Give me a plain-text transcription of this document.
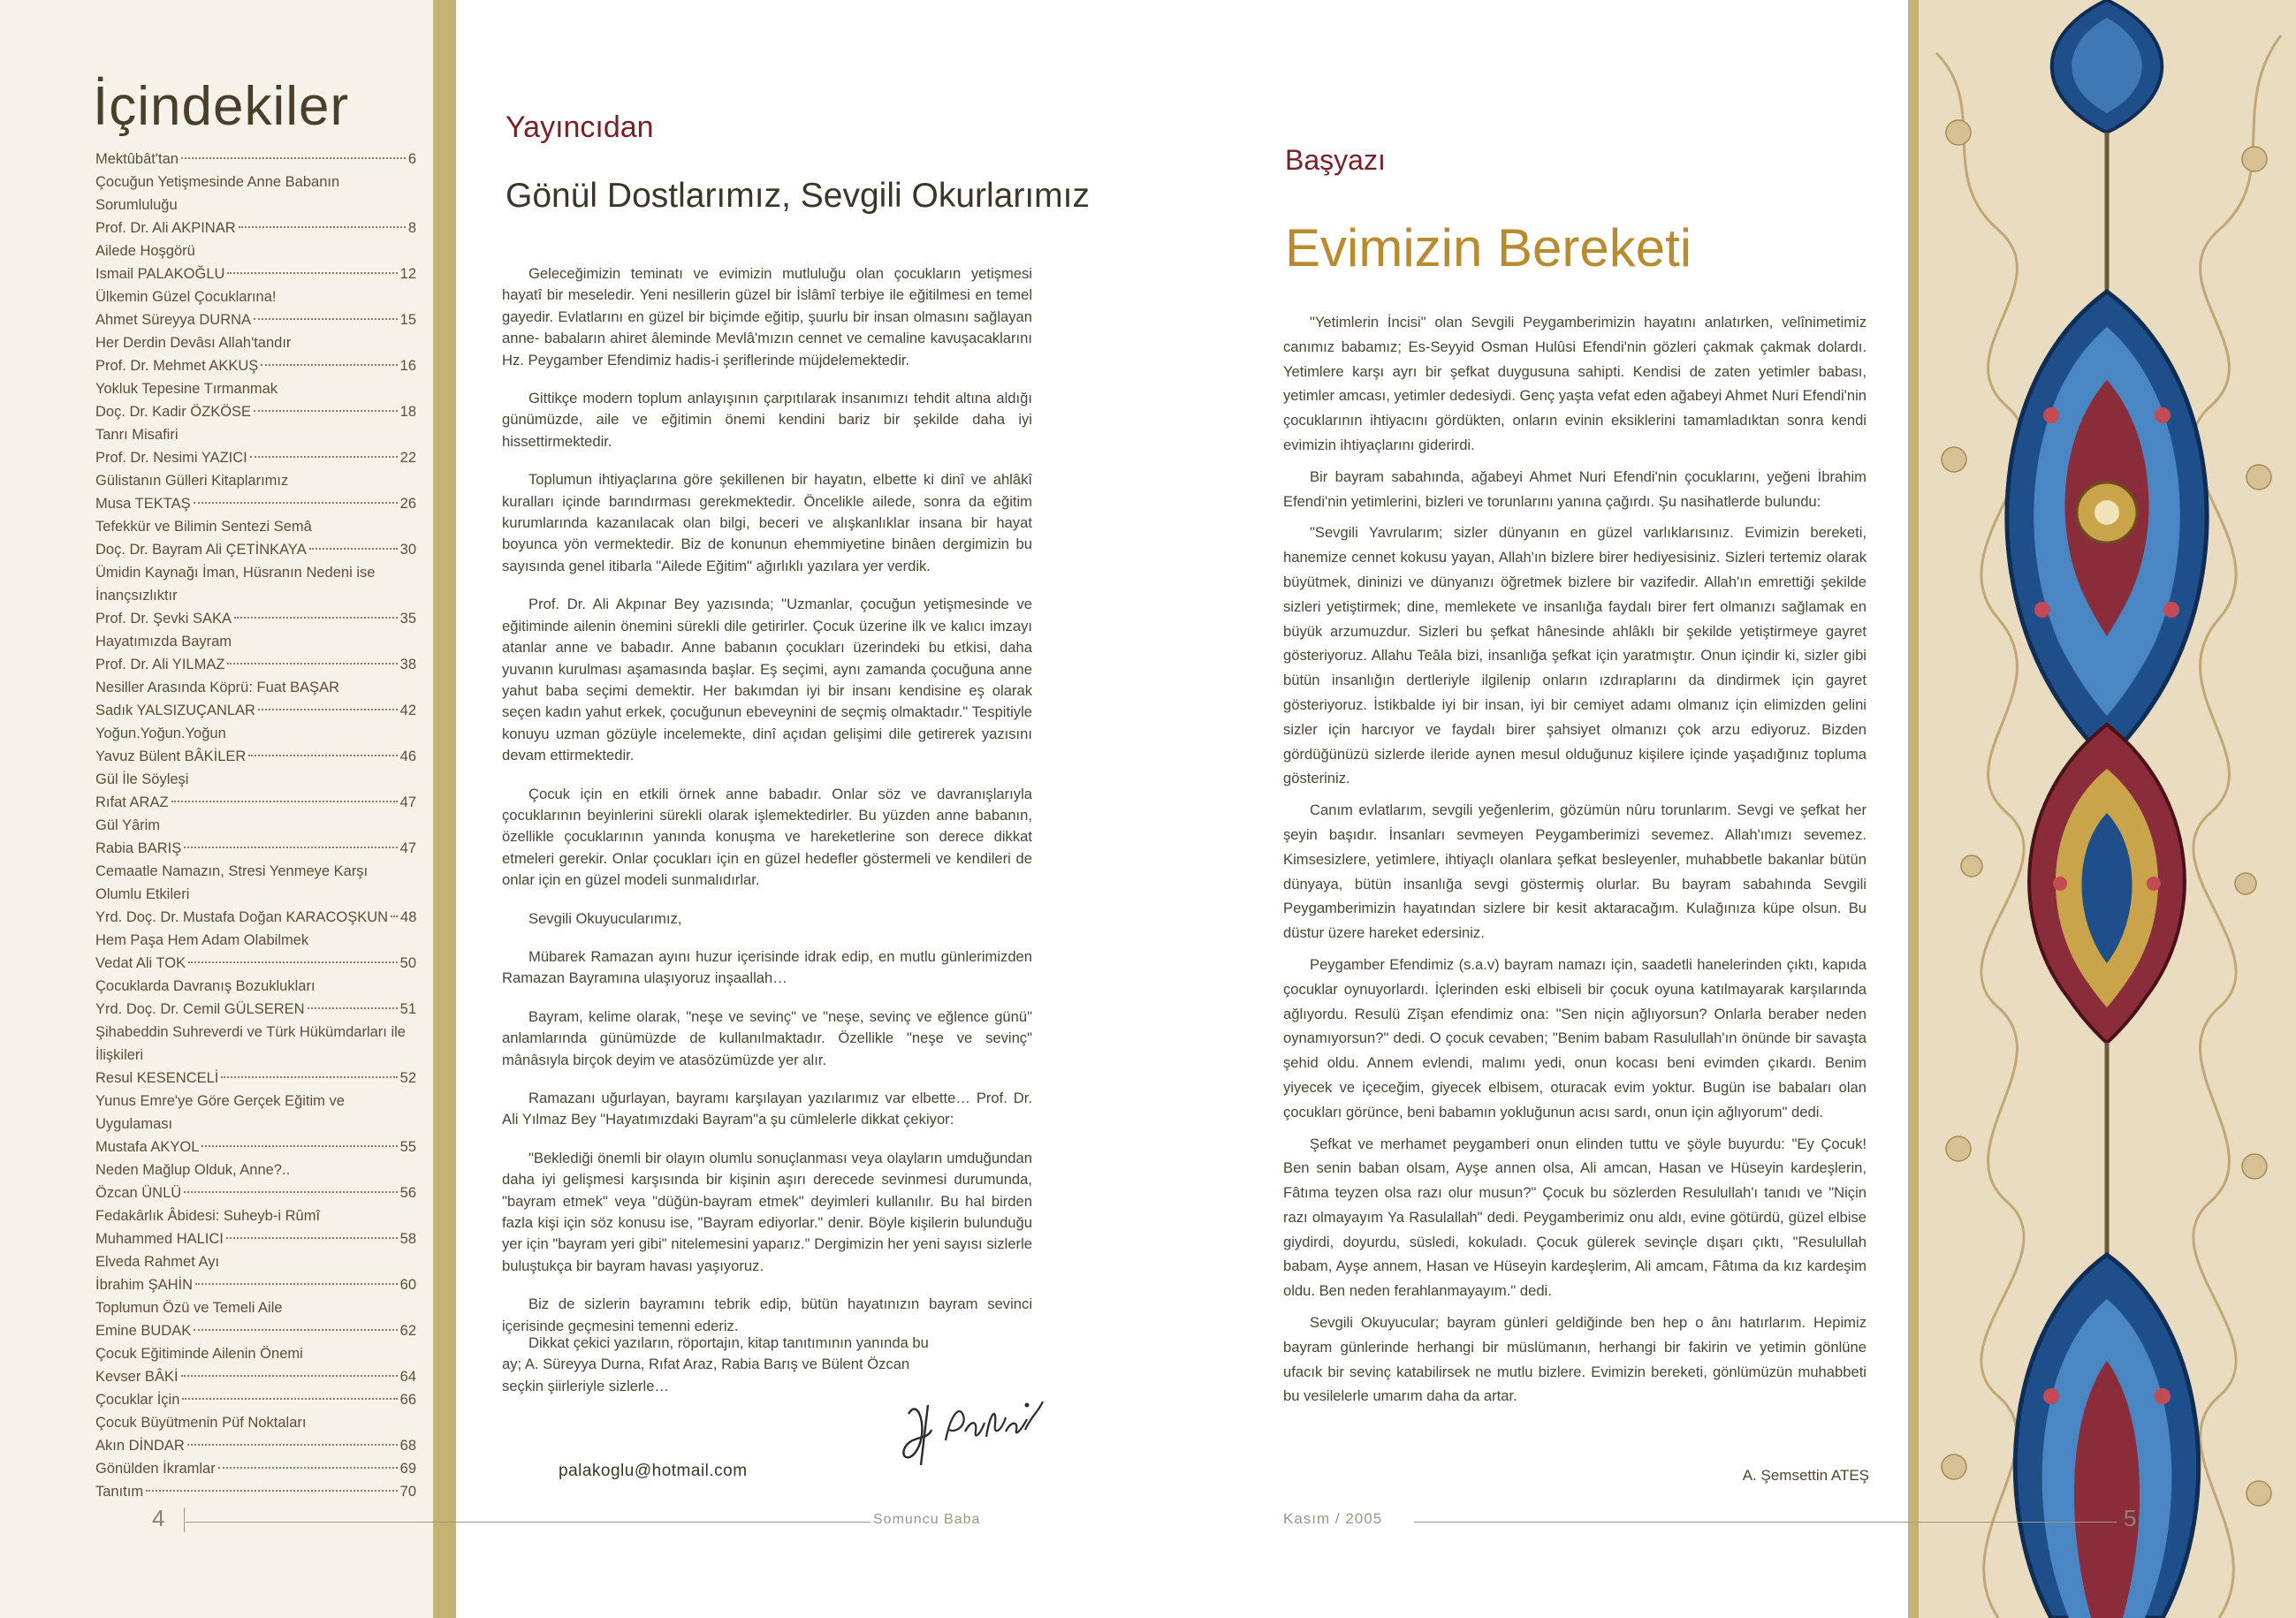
İçindekiler
Mektûbât'tan	6
Çocuğun Yetişmesinde Anne Babanın Sorumluluğu
Prof. Dr. Ali AKPINAR	8
Ailede Hoşgörü
Ismail PALAKOĞLU	12
Ülkemin Güzel Çocuklarına!
Ahmet Süreyya DURNA	15
Her Derdin Devâsı Allah'tandır
Prof. Dr. Mehmet AKKUŞ	16
Yokluk Tepesine Tırmanmak
Doç. Dr. Kadir ÖZKÖSE	18
Tanrı Misafiri
Prof. Dr. Nesimi YAZICI	22
Gülistanın Gülleri Kitaplarımız
Musa TEKTAŞ	26
Tefekkür ve Bilimin Sentezi Semâ
Doç. Dr. Bayram Ali ÇETİNKAYA	30
Ümidin Kaynağı İman, Hüsranın Nedeni ise İnançsızlıktır
Prof. Dr. Şevki SAKA	35
Hayatımızda Bayram
Prof. Dr. Ali YILMAZ	38
Nesiller Arasında Köprü: Fuat BAŞAR
Sadık YALSIZUÇANLAR	42
Yoğun.Yoğun.Yoğun
Yavuz Bülent BÂKİLER	46
Gül İle Söyleşi
Rıfat ARAZ	47
Gül Yârim
Rabia BARIŞ	47
Cemaatle Namazın, Stresi Yenmeye Karşı Olumlu Etkileri
Yrd. Doç. Dr. Mustafa Doğan KARACOŞKUN 48
Hem Paşa Hem Adam Olabilmek
Vedat Ali TOK	50
Çocuklarda Davranış Bozuklukları
Yrd. Doç. Dr. Cemil GÜLSEREN	51
Şihabeddin Suhreverdi ve Türk Hükümdarları ile İlişkileri
Resul KESENCELİ	52
Yunus Emre'ye Göre Gerçek Eğitim ve Uygulaması
Mustafa AKYOL	55
Neden Mağlup Olduk, Anne?..
Özcan ÜNLÜ	56
Fedakârlık Âbidesi: Suheyb-i Rûmî
Muhammed HALICI	58
Elveda Rahmet Ayı
İbrahim ŞAHİN	60
Toplumun Özü ve Temeli Aile
Emine BUDAK	62
Çocuk Eğitiminde Ailenin Önemi
Kevser BÂKİ	64
Çocuklar İçin	66
Çocuk Büyütmenin Püf Noktaları
Akın DİNDAR	68
Gönülden İkramlar	69
Tanıtım	70
Yayıncıdan
Gönül Dostlarımız, Sevgili Okurlarımız

Geleceğimizin teminatı ve evimizin mutluluğu olan çocukların yetişmesi hayatî bir meseledir. Yeni nesillerin güzel bir İslâmî terbiye ile eğitilmesi en temel gayedir. Evlatlarını en güzel bir biçimde eğitip, şuurlu bir insan olmasını sağlayan anne- babaların ahiret âleminde Mevlâ'mızın cennet ve cemaline kavuşacaklarını Hz. Peygamber Efendimiz hadis-i şeriflerinde müjdelemektedir.

Gittikçe modern toplum anlayışının çarpıtılarak insanımızı tehdit altına aldığı günümüzde, aile ve eğitimin önemi kendini bariz bir şekilde daha iyi hissettirmektedir.

Toplumun ihtiyaçlarına göre şekillenen bir hayatın, elbette ki dinî ve ahlâkî kuralları içinde barındırması gerekmektedir. Öncelikle ailede, sonra da eğitim kurumlarında kazanılacak olan bilgi, beceri ve alışkanlıklar insana bir hayat boyunca yön vermektedir. Biz de konunun ehemmiyetine binâen dergimizin bu sayısında genel itibarla "Ailede Eğitim" ağırlıklı yazılara yer verdik.

Prof. Dr. Ali Akpınar Bey yazısında; "Uzmanlar, çocuğun yetişmesinde ve eğitiminde ailenin önemini sürekli dile getirirler. Çocuk üzerine ilk ve kalıcı imzayı atanlar anne ve babadır. Anne babanın çocukları üzerindeki bu etkisi, daha yuvanın kurulması aşamasında başlar. Eş seçimi, aynı zamanda çocuğuna anne yahut baba seçimi demektir. Her bakımdan iyi bir insanı kendisine eş olarak seçen kadın yahut erkek, çocuğunun ebeveynini de seçmiş olmaktadır." Tespitiyle konuyu uzman gözüyle incelemekte, dinî açıdan gelişimi dile getirerek yazısını devam ettirmektedir.

Çocuk için en etkili örnek anne babadır. Onlar söz ve davranışlarıyla çocuklarının beyinlerini sürekli olarak işlemektedirler. Bu yüzden anne babanın, özellikle çocuklarının yanında konuşma ve hareketlerine son derece dikkat etmeleri gerekir. Onlar çocukları için en güzel hedefler göstermeli ve kendileri de onlar için en güzel modeli sunmalıdırlar.

Sevgili Okuyucularımız,

Mübarek Ramazan ayını huzur içerisinde idrak edip, en mutlu günlerimizden Ramazan Bayramına ulaşıyoruz inşaallah…

Bayram, kelime olarak, "neşe ve sevinç" ve "neşe, sevinç ve eğlence günü" anlamlarında günümüzde de kullanılmaktadır. Özellikle "neşe ve sevinç" mânâsıyla birçok deyim ve atasözümüzde yer alır.

Ramazanı uğurlayan, bayramı karşılayan yazılarımız var elbette… Prof. Dr. Ali Yılmaz Bey "Hayatımızdaki Bayram"a şu cümlelerle dikkat çekiyor:

"Beklediği önemli bir olayın olumlu sonuçlanması veya olayların umduğundan daha iyi gelişmesi karşısında bir kişinin aşırı derecede sevinmesi durumunda, "bayram etmek" veya "düğün-bayram etmek" deyimleri kullanılır. Bu hal birden fazla kişi için söz konusu ise, "Bayram ediyorlar." denir. Böyle kişilerin bulunduğu yer için "bayram yeri gibi" nitelemesini yaparız." Dergimizin her yeni sayısı sizlerle buluştukça bir bayram havası yaşıyoruz.

Biz de sizlerin bayramını tebrik edip, bütün hayatınızın bayram sevinci içerisinde geçmesini temenni ederiz.

Dikkat çekici yazıların, röportajın, kitap tanıtımının yanında bu ay; A. Süreyya Durna, Rıfat Araz, Rabia Barış ve Bülent Özcan seçkin şiirleriyle sizlerle…
palakoglu@hotmail.com
Başyazı
Evimizin Bereketi

"Yetimlerin İncisi" olan Sevgili Peygamberimizin hayatını anlatırken, velînimetimiz canımız babamız; Es-Seyyid Osman Hulûsi Efendi'nin gözleri çakmak çakmak dolardı. Yetimlere karşı ayrı bir şefkat duygusuna sahipti. Kendisi de zaten yetimler babası, yetimler amcası, yetimler dedesiydi. Genç yaşta vefat eden ağabeyi Ahmet Nuri Efendi'nin çocuklarının ihtiyacını gördükten, onların evinin eksiklerini tamamladıktan sonra kendi evimizin ihtiyaçlarını giderirdi.

Bir bayram sabahında, ağabeyi Ahmet Nuri Efendi'nin çocuklarını, yeğeni İbrahim Efendi'nin yetimlerini, bizleri ve torunlarını yanına çağırdı. Şu nasihatlerde bulundu:

"Sevgili Yavrularım; sizler dünyanın en güzel varlıklarısınız. Evimizin bereketi, hanemize cennet kokusu yayan, Allah'ın bizlere birer hediyesisiniz. Sizleri tertemiz olarak büyütmek, dininizi ve dünyanızı öğretmek bizlere bir vazifedir. Allah'ın emrettiği şekilde sizleri yetiştirmek; dine, memlekete ve insanlığa faydalı birer fert olmanızı sağlamak en büyük arzumuzdur. Sizleri bu şefkat hânesinde ahlâklı bir şekilde yetiştirmeye gayret gösteriyoruz. Allahu Teâla bizi, insanlığa şefkat için yaratmıştır. Onun içindir ki, sizler gibi bütün insanlığın dertleriyle ilgilenip onların ızdıraplarını da dindirmek için gayret gösteriyoruz. İstikbalde iyi bir insan, iyi bir cemiyet adamı olmanız için elimizden gelini sizler için harcıyor ve faydalı birer şahsiyet olmanızı çok arzu ediyoruz. Bizden gördüğünüzü sizlerde ileride aynen mesul olduğunuz kişilere içinde yaşadığınız topluma gösteriniz.

Canım evlatlarım, sevgili yeğenlerim, gözümün nûru torunlarım. Sevgi ve şefkat her şeyin başıdır. İnsanları sevmeyen Peygamberimizi sevemez. Allah'ımızı sevemez. Kimsesizlere, yetimlere, ihtiyaçlı olanlara şefkat besleyenler, muhabbetle bakanlar bütün dünyaya, bütün insanlığa sevgi göstermiş olurlar. Bu bayram sabahında Sevgili Peygamberimizin hayatından sizlere bir kesit aktaracağım. Kulağınıza küpe olsun. Bu düstur üzere hareket edersiniz.

Peygamber Efendimiz (s.a.v) bayram namazı için, saadetli hanelerinden çıktı, kapıda çocuklar oynuyorlardı. İçlerinden eski elbiseli bir çocuk oyuna katılmayarak karşılarında ağlıyordu. Resulü Zîşan efendimiz ona: "Sen niçin ağlıyorsun? Onlarla beraber neden oynamıyorsun?" dedi. O çocuk cevaben; "Benim babam Rasulullah'ın önünde bir savaşta şehid oldu. Annem evlendi, malımı yedi, onun kocası beni evimden çıkardı. Benim yiyecek ve içeceğim, giyecek elbisem, oturacak evim yoktur. Bugün ise babaları olan çocukları görünce, beni babamın yokluğunun acısı sardı, onun için ağlıyorum" dedi.

Şefkat ve merhamet peygamberi onun elinden tuttu ve şöyle buyurdu: "Ey Çocuk! Ben senin baban olsam, Ayşe annen olsa, Ali amcan, Hasan ve Hüseyin kardeşlerin, Fâtıma teyzen olsa razı olur musun?" Çocuk bu sözlerden Resulullah'ı tanıdı ve "Niçin razı olmayayım Ya Rasulallah" dedi. Peygamberimiz onu aldı, evine götürdü, güzel elbise giydirdi, doyurdu, süsledi, kokuladı. Çocuk gülerek sevinçle dışarı çıktı, "Resulullah babam, Ayşe annem, Hasan ve Hüseyin kardeşlerim, Ali amcam, Fâtıma da kız kardeşim oldu. Ben neden ferahlanmayayım." dedi.

Sevgili Okuyucular; bayram günleri geldiğinde ben hep o ânı hatırlarım. Hepimiz bayram günlerinde herhangi bir müslümanın, herhangi bir fakirin ve yetimin gönlüne ufacık bir sevinç katabilirsek ne mutlu bizlere. Evimizin bereketi, gönlümüzün muhabbeti bu vesilelerle umarım daha da artar.

A. Şemsettin ATEŞ
4	Somuncu Baba	Kasım / 2005	5
